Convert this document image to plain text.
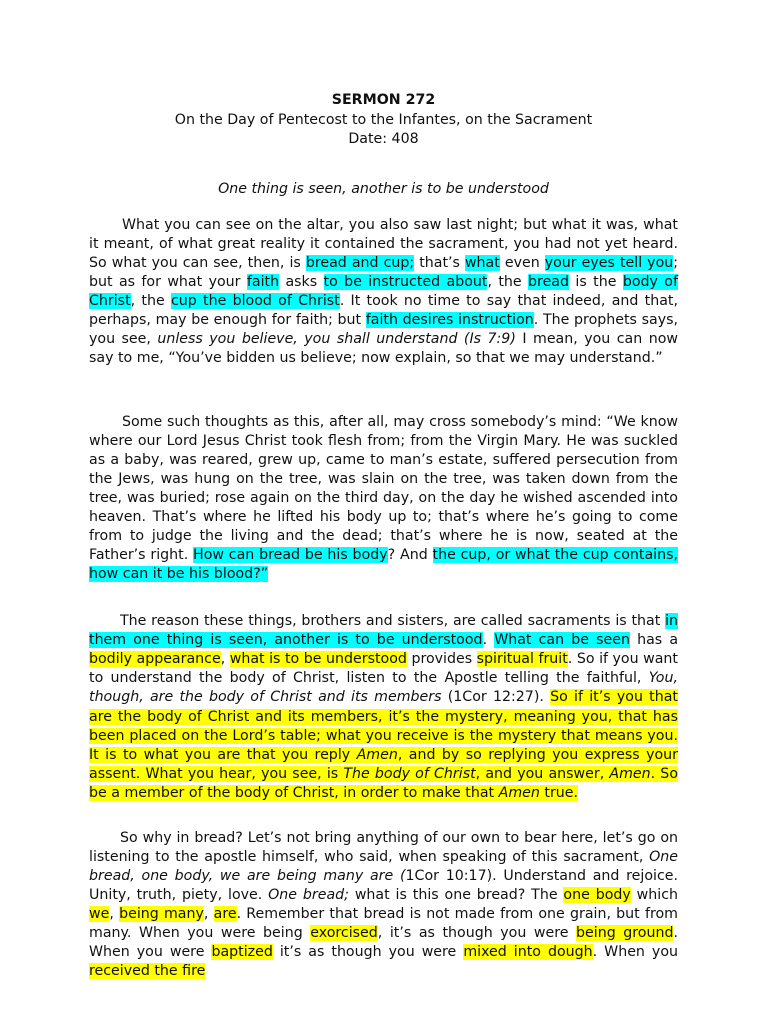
SERMON 272
On the Day of Pentecost to the Infantes, on the Sacrament
Date: 408
One thing is seen, another is to be understood

What you can see on the altar, you also saw last night; but what it was, what it meant, of what great reality it contained the sacrament, you had not yet heard. So what you can see, then, is bread and cup; that’s what even your eyes tell you; but as for what your faith asks to be instructed about, the bread is the body of Christ, the cup the blood of Christ. It took no time to say that indeed, and that, perhaps, may be enough for faith; but faith desires instruction. The prophets says, you see, unless you believe, you shall understand (Is 7:9) I mean, you can now say to me, “You’ve bidden us believe; now explain, so that we may understand.”

Some such thoughts as this, after all, may cross somebody’s mind: “We know where our Lord Jesus Christ took flesh from; from the Virgin Mary. He was suckled as a baby, was reared, grew up, came to man’s estate, suffered persecution from the Jews, was hung on the tree, was slain on the tree, was taken down from the tree, was buried; rose again on the third day, on the day he wished ascended into heaven. That’s where he lifted his body up to; that’s where he’s going to come from to judge the living and the dead; that’s where he is now, seated at the Father’s right. How can bread be his body? And the cup, or what the cup contains, how can it be his blood?”

The reason these things, brothers and sisters, are called sacraments is that in them one thing is seen, another is to be understood. What can be seen has a bodily appearance, what is to be understood provides spiritual fruit. So if you want to understand the body of Christ, listen to the Apostle telling the faithful, You, though, are the body of Christ and its members (1Cor 12:27). So if it’s you that are the body of Christ and its members, it’s the mystery, meaning you, that has been placed on the Lord’s table; what you receive is the mystery that means you. It is to what you are that you reply Amen, and by so replying you express your assent. What you hear, you see, is The body of Christ, and you answer, Amen. So be a member of the body of Christ, in order to make that Amen true.

So why in bread? Let’s not bring anything of our own to bear here, let’s go on listening to the apostle himself, who said, when speaking of this sacrament, One bread, one body, we are being many are (1Cor 10:17). Understand and rejoice. Unity, truth, piety, love. One bread; what is this one bread? The one body which we, being many, are. Remember that bread is not made from one grain, but from many. When you were being exorcised, it’s as though you were being ground. When you were baptized it’s as though you were mixed into dough. When you received the fire
